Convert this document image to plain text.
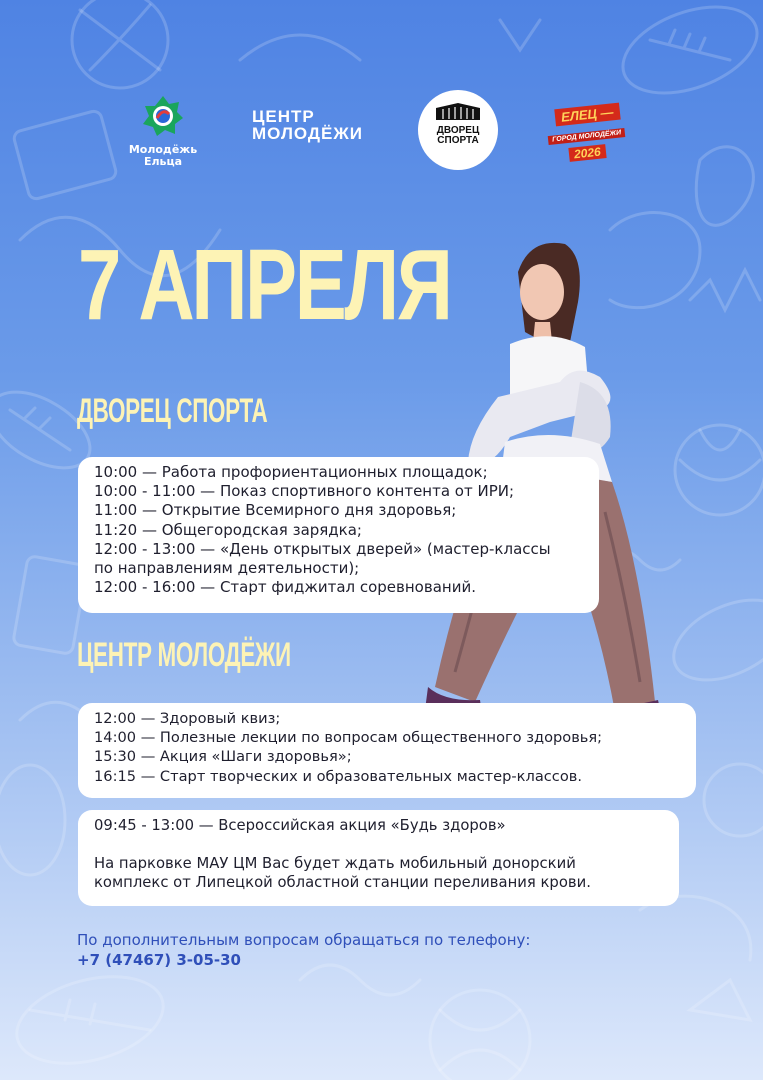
Молодёжь
Ельца
ЦЕНТР
МОЛОДЁЖИ	ДВОРЕЦ
СПОРТА
ЕЛЕЦ —
ГОРОД МОЛОДЁЖИ
2026
7 АПРЕЛЯ
ДВОРЕЦ СПОРТА

10:00 — Работа профориентационных площадок;

10:00 - 11:00 — Показ спортивного контента от ИРИ;

11:00 — Открытие Всемирного дня здоровья;

11:20 — Общегородская зарядка;

12:00 - 13:00 — «День открытых дверей» (мастер-классы

по направлениям деятельности);

12:00 - 16:00 — Старт фиджитал соревнований.

ЦЕНТР МОЛОДЁЖИ

12:00 — Здоровый квиз;

14:00 — Полезные лекции по вопросам общественного здоровья;

15:30 — Акция «Шаги здоровья»;

16:15 — Старт творческих и образовательных мастер-классов.

09:45 - 13:00 — Всероссийская акция «Будь здоров»

На парковке МАУ ЦМ Вас будет ждать мобильный донорский

комплекс от Липецкой областной станции переливания крови.

По дополнительным вопросам обращаться по телефону:
+7 (47467) 3-05-30
